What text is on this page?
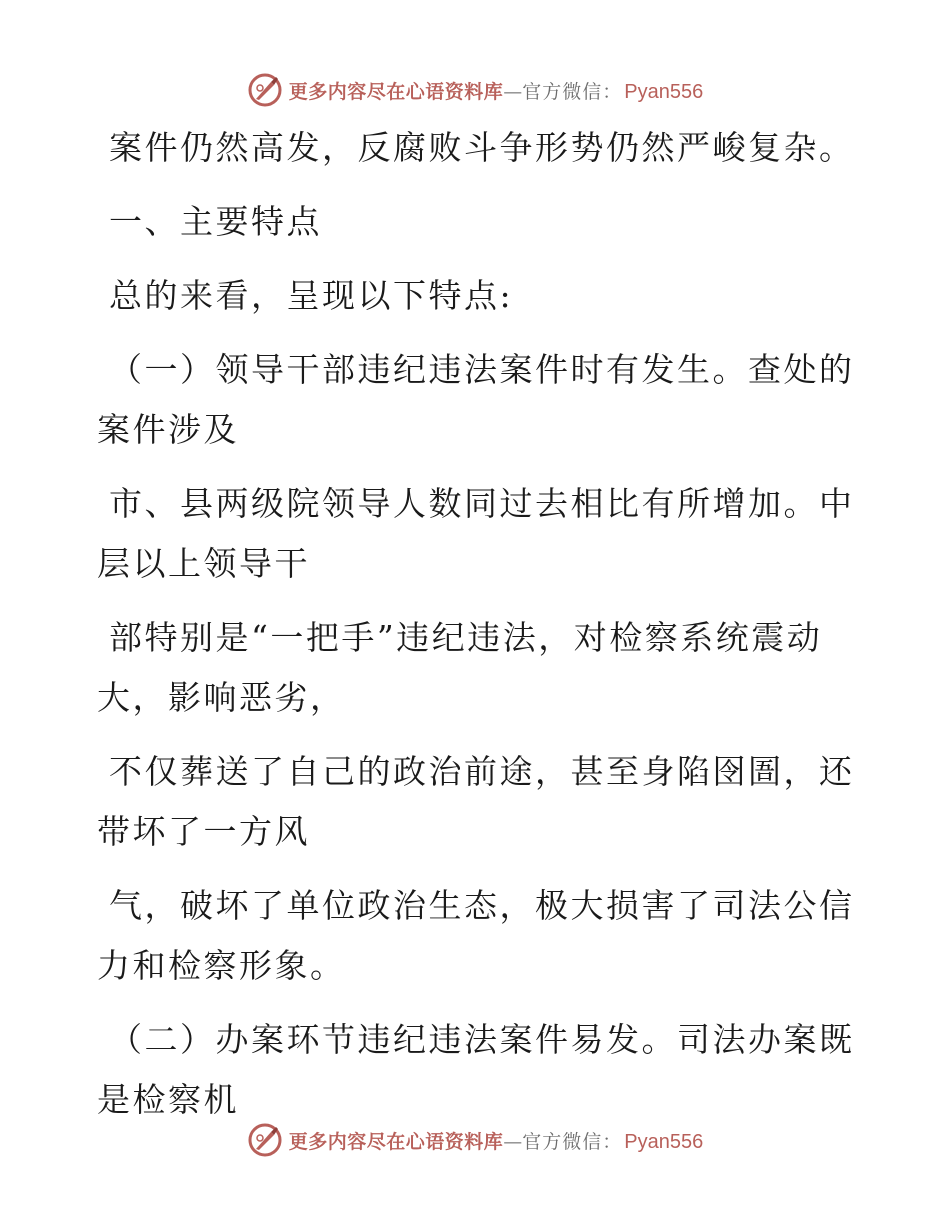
更多内容尽在心语资料库 — 官方微信： Pyan556

案件仍然高发，反腐败斗争形势仍然严峻复杂。

一、主要特点

总的来看，呈现以下特点:

（一）领导干部违纪违法案件时有发生。查处的
案件涉及

市、县两级院领导人数同过去相比有所增加。中
层以上领导干

部特别是“一把手”违纪违法，对检察系统震动
大，影响恶劣，

不仅葬送了自己的政治前途，甚至身陷囹圄，还
带坏了一方风

气，破坏了单位政治生态，极大损害了司法公信
力和检察形象。

（二）办案环节违纪违法案件易发。司法办案既
是检察机

更多内容尽在心语资料库 — 官方微信： Pyan556
